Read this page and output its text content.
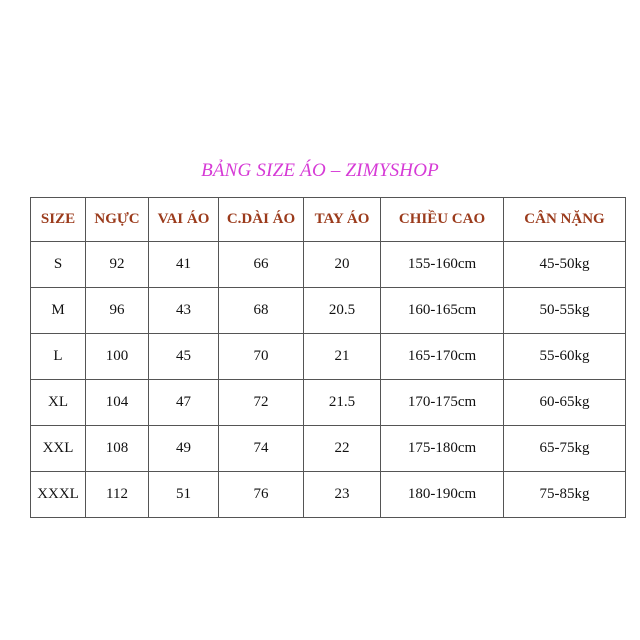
BẢNG SIZE ÁO – ZIMYSHOP
SIZE	NGỰC	VAI ÁO	C.DÀI ÁO	TAY ÁO	CHIỀU CAO	CÂN NẶNG
S	92	41	66	20	155-160cm	45-50kg
M	96	43	68	20.5	160-165cm	50-55kg
L	100	45	70	21	165-170cm	55-60kg
XL	104	47	72	21.5	170-175cm	60-65kg
XXL	108	49	74	22	175-180cm	65-75kg
XXXL	112	51	76	23	180-190cm	75-85kg
